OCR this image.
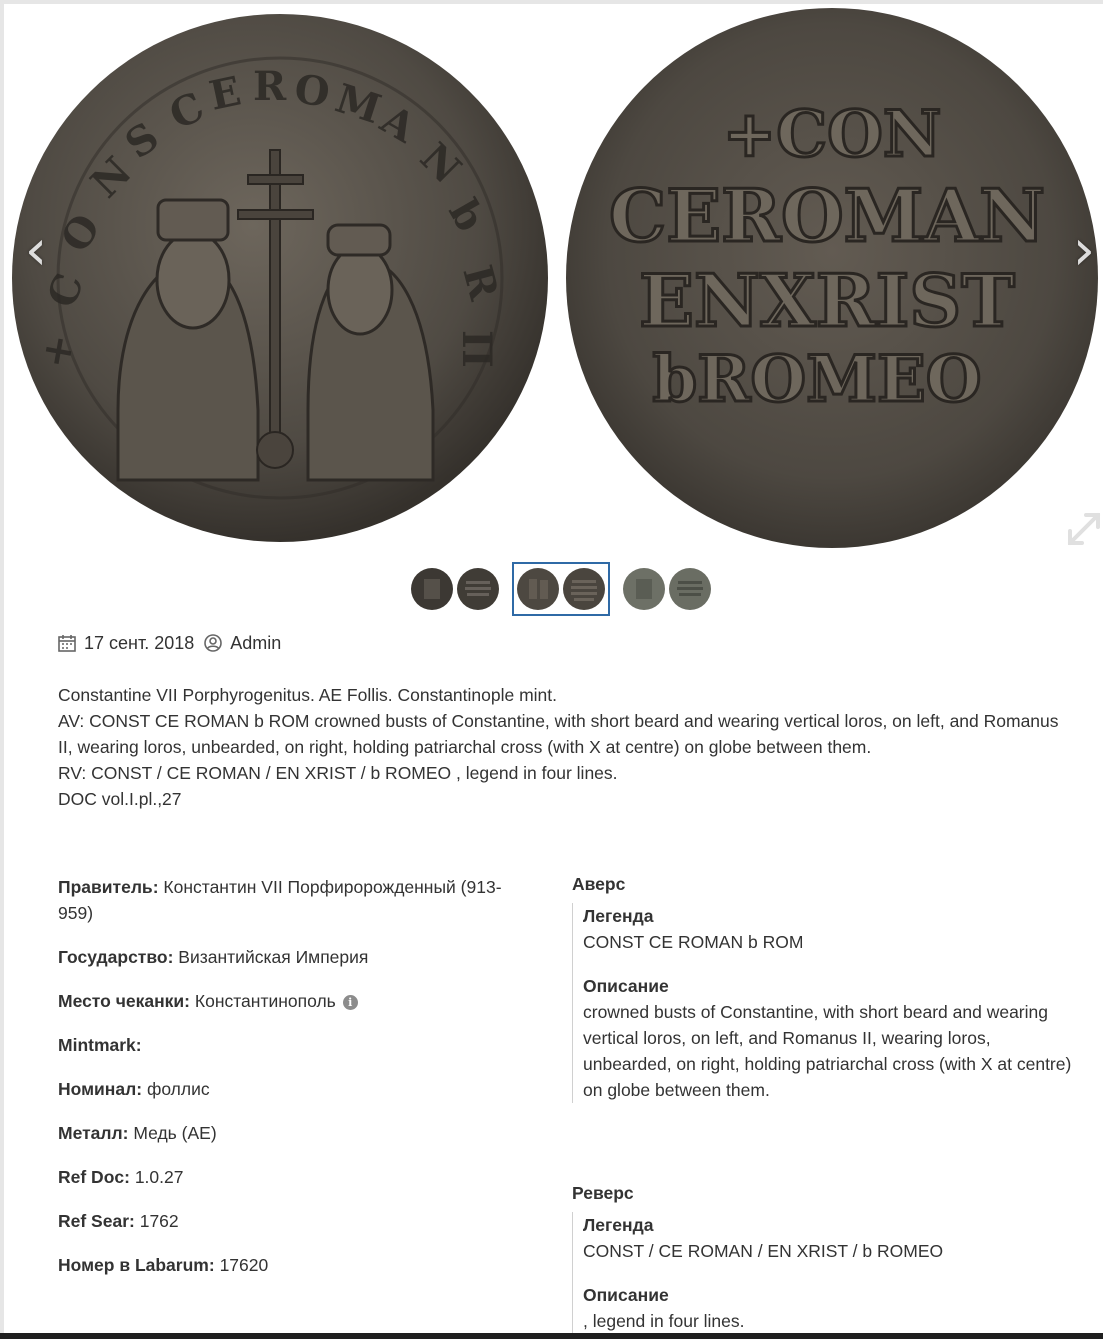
C
E R O
M
A
N
b
R
Π
+
C
O
N
S	+CON
CEROMAN
ENXRIST
bROMEO
‹	›
17 сент. 2018 Admin
Constantine VII Porphyrogenitus. AE Follis. Constantinople mint.
AV: CONST CE ROMAN b ROM crowned busts of Constantine, with short beard and wearing vertical loros, on left, and Romanus II, wearing loros, unbearded, on right, holding patriarchal cross (with X at centre) on globe between them.
RV: CONST / CE ROMAN / EN XRIST / b ROMEO , legend in four lines.
DOC vol.I.pl.,27
Правитель: Константин VII Порфиророжденный (913-959)
Государство: Византийская Империя
Место чеканки: Константинополь i
Mintmark:
Номинал: фоллис
Металл: Медь (AE)
Ref Doc: 1.0.27
Ref Sear: 1762
Номер в Labarum: 17620
Аверс
Легенда
CONST CE ROMAN b ROM
Описание
crowned busts of Constantine, with short beard and wearing vertical loros, on left, and Romanus II, wearing loros, unbearded, on right, holding patriarchal cross (with X at centre) on globe between them.
Реверс
Легенда
CONST / CE ROMAN / EN XRIST / b ROMEO
Описание
, legend in four lines.
